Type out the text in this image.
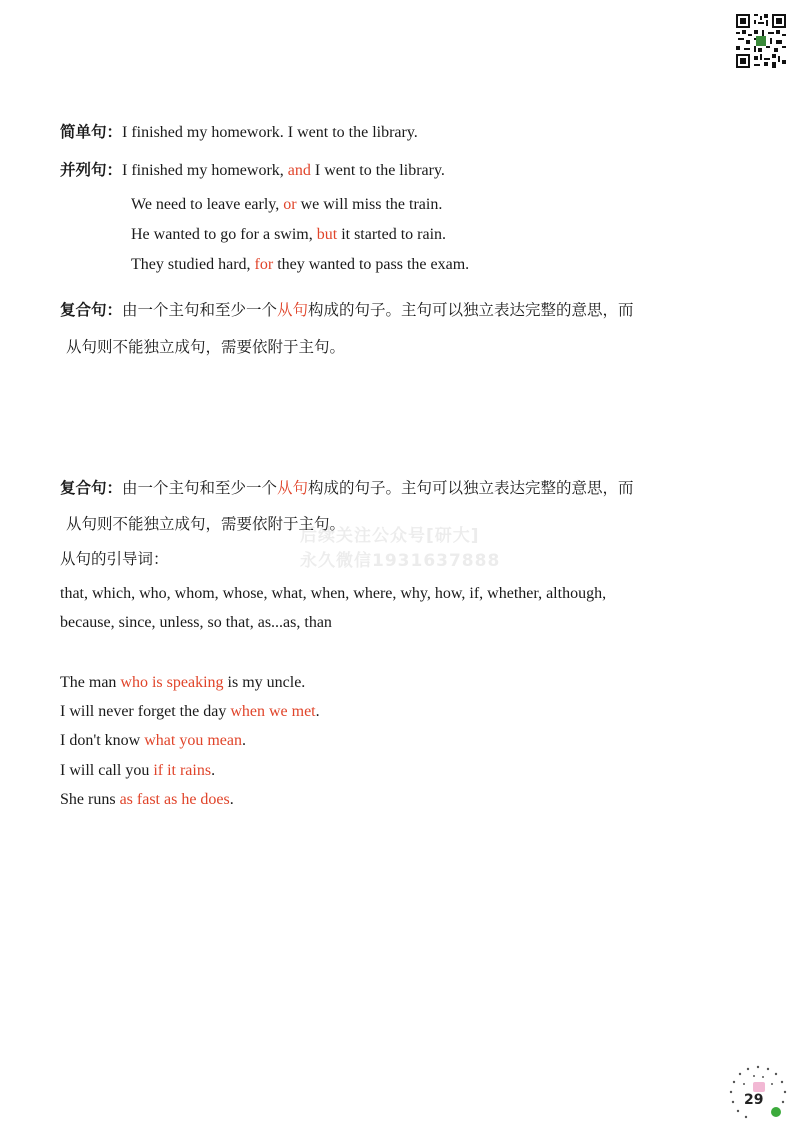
简单句：I finished my homework. I went to the library.
并列句：I finished my homework, and I went to the library.
We need to leave early, or we will miss the train.
He wanted to go for a swim, but it started to rain.
They studied hard, for they wanted to pass the exam.
复合句：由一个主句和至少一个从句构成的句子。主句可以独立表达完整的意思，而
从句则不能独立成句，需要依附于主句。
复合句：由一个主句和至少一个从句构成的句子。主句可以独立表达完整的意思，而
从句则不能独立成句，需要依附于主句。
后续关注公众号[研大]
永久微信1931637888
从句的引导词：
that, which, who, whom, whose, what, when, where, why, how, if, whether, although,
because, since, unless, so that, as...as, than
The man who is speaking is my uncle.
I will never forget the day when we met.
I don't know what you mean.
I will call you if it rains.
She runs as fast as he does.
29
